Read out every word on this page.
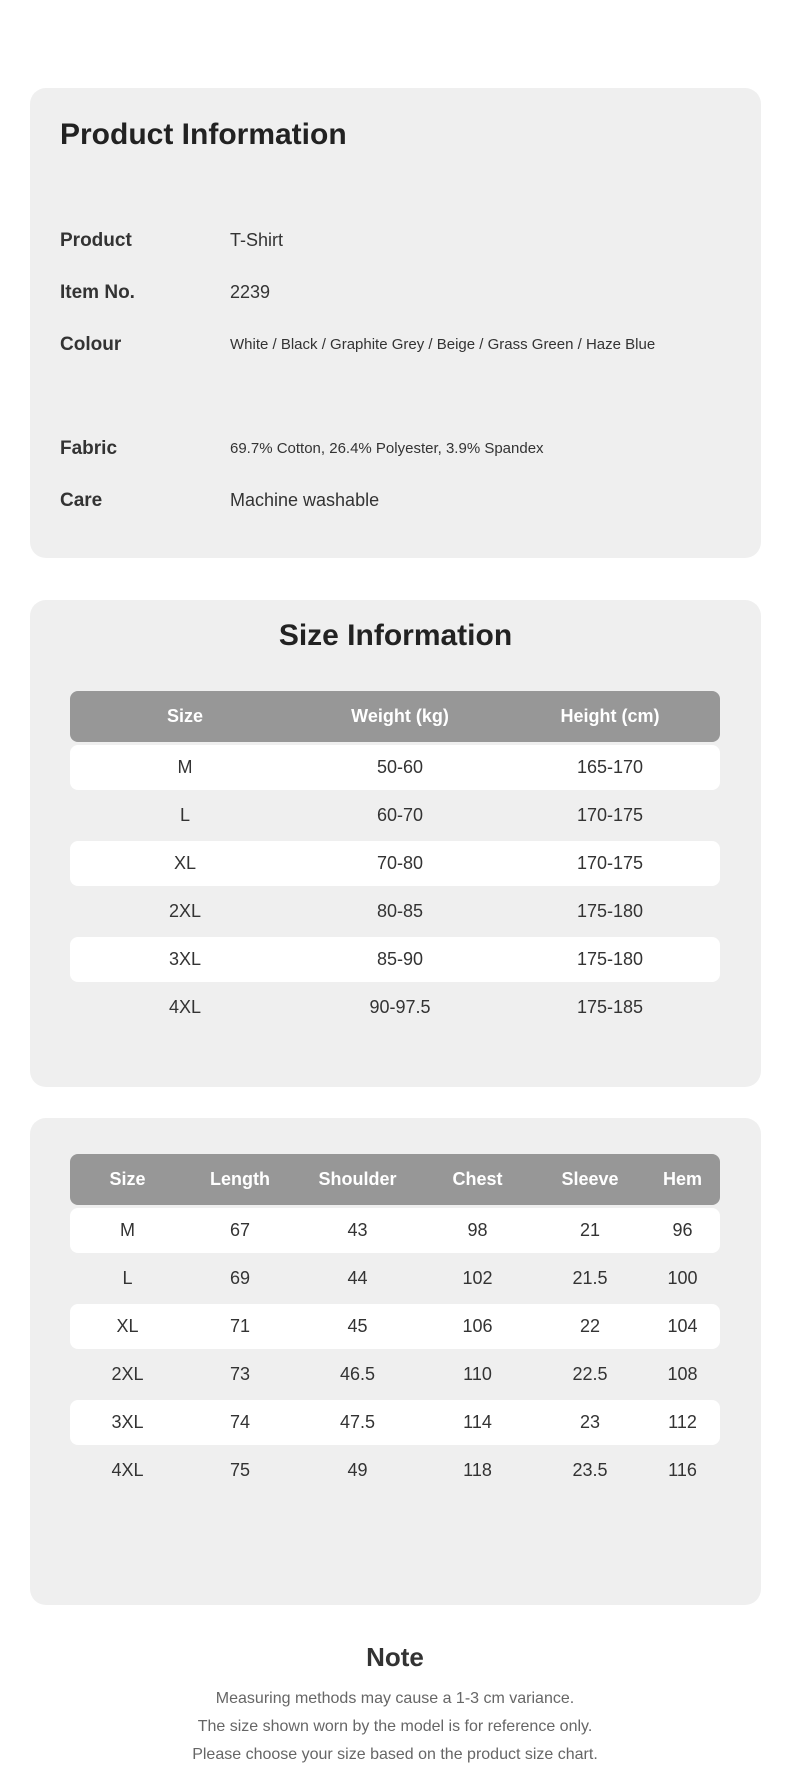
Product Information
Product	T-Shirt
Item No.	2239
Colour	White / Black / Graphite Grey / Beige / Grass Green / Haze Blue
Fabric	69.7% Cotton, 26.4% Polyester, 3.9% Spandex
Care	Machine washable
Size Information
Size	Weight (kg)	Height (cm)
M	50-60	165-170
L	60-70	170-175
XL	70-80	170-175
2XL	80-85	175-180
3XL	85-90	175-180
4XL	90-97.5	175-185
Size	Length	Shoulder	Chest	Sleeve	Hem
M	67	43	98	21	96
L	69	44	102	21.5	100
XL	71	45	106	22	104
2XL	73	46.5	110	22.5	108
3XL	74	47.5	114	23	112
4XL	75	49	118	23.5	116
Note
Measuring methods may cause a 1-3 cm variance.
The size shown worn by the model is for reference only.
Please choose your size based on the product size chart.
